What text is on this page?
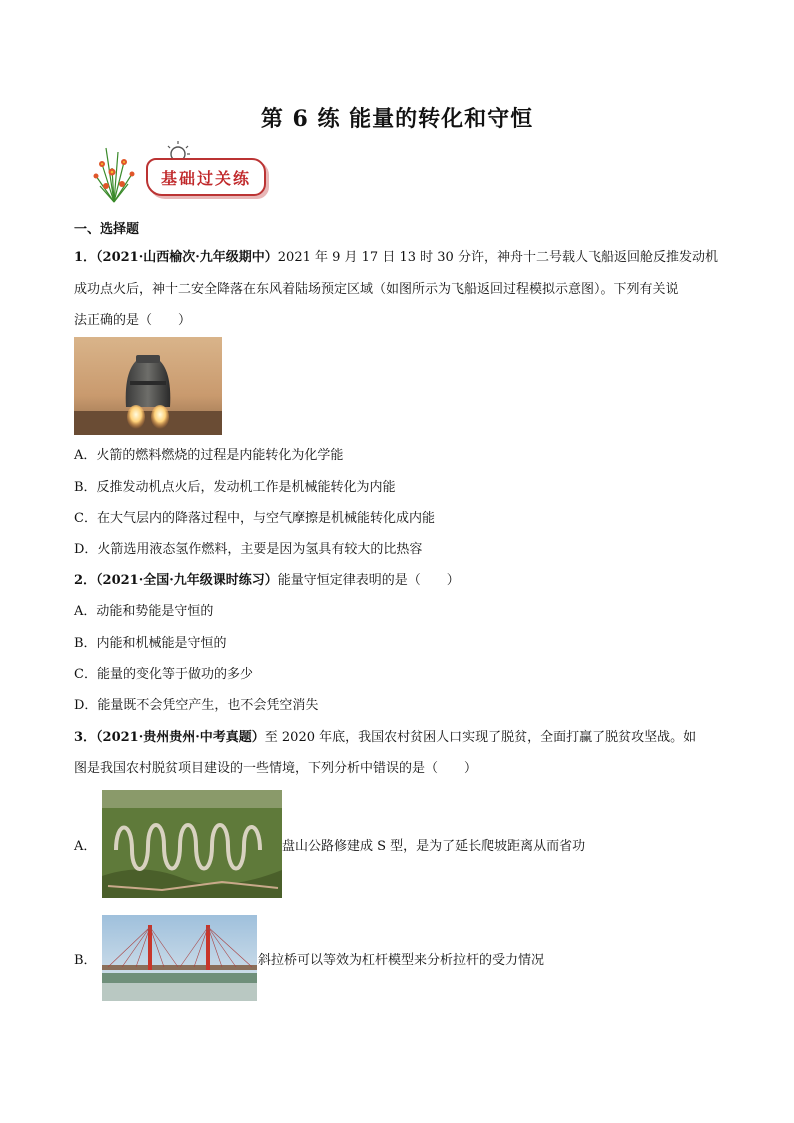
第 6 练 能量的转化和守恒
基础过关练
一、选择题
1．（2021·山西榆次·九年级期中）2021 年 9 月 17 日 13 时 30 分许，神舟十二号载人飞船返回舱反推发动机
成功点火后，神十二安全降落在东风着陆场预定区域（如图所示为飞船返回过程模拟示意图）。下列有关说
法正确的是（　　）
A．火箭的燃料燃烧的过程是内能转化为化学能
B．反推发动机点火后，发动机工作是机械能转化为内能
C．在大气层内的降落过程中，与空气摩擦是机械能转化成内能
D．火箭选用液态氢作燃料，主要是因为氢具有较大的比热容
2．（2021·全国·九年级课时练习）能量守恒定律表明的是（　　）
A．动能和势能是守恒的
B．内能和机械能是守恒的
C．能量的变化等于做功的多少
D．能量既不会凭空产生，也不会凭空消失
3．（2021·贵州贵州·中考真题）至 2020 年底，我国农村贫困人口实现了脱贫，全面打赢了脱贫攻坚战。如
图是我国农村脱贫项目建设的一些情境，下列分析中错误的是（　　）
A．	盘山公路修建成 S 型，是为了延长爬坡距离从而省功
B．	斜拉桥可以等效为杠杆模型来分析拉杆的受力情况
